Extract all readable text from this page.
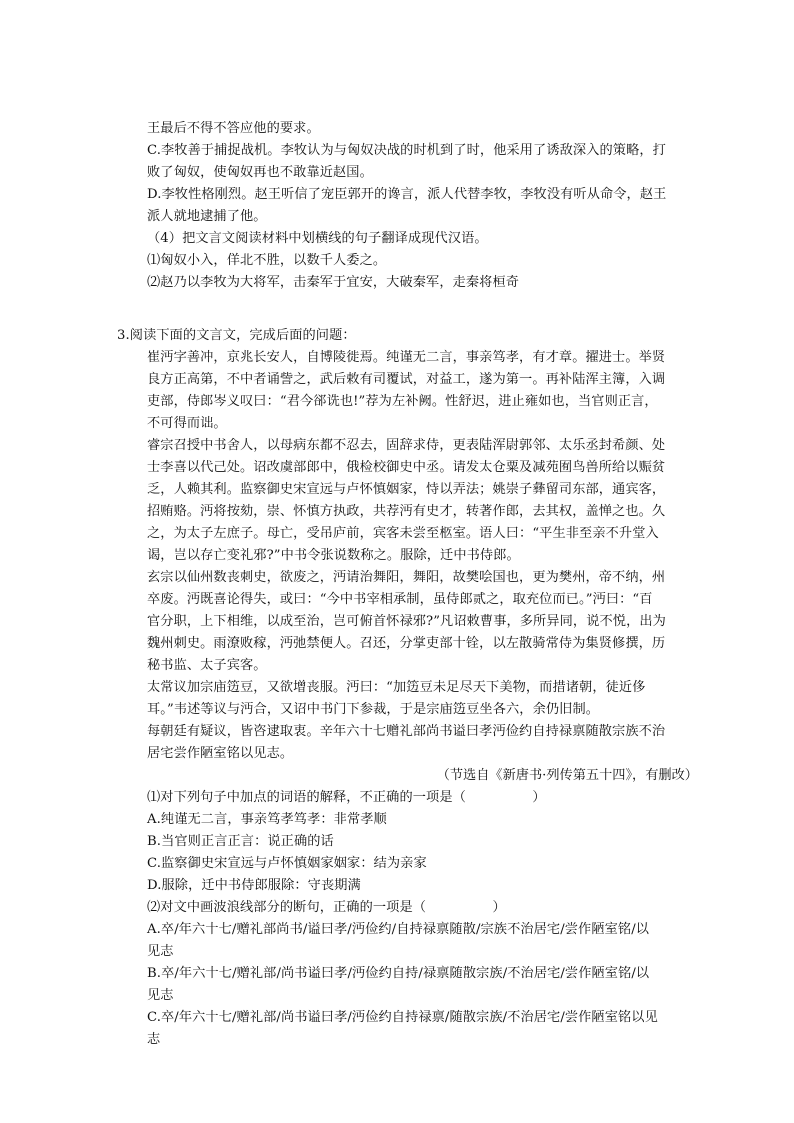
王最后不得不答应他的要求。
C.李牧善于捕捉战机。李牧认为与匈奴决战的时机到了时，他采用了诱敌深入的策略，打
败了匈奴，使匈奴再也不敢靠近赵国。
D.李牧性格刚烈。赵王听信了宠臣郭开的谗言，派人代替李牧，李牧没有听从命令，赵王
派人就地逮捕了他。
（4）把文言文阅读材料中划横线的句子翻译成现代汉语。
⑴匈奴小入，佯北不胜，以数千人委之。
⑵赵乃以李牧为大将军，击秦军于宜安，大破秦军，走秦将桓奇
3.阅读下面的文言文，完成后面的问题：
崔沔字善冲，京兆长安人，自博陵徙焉。纯谨无二言，事亲笃孝，有才章。擢进士。举贤
良方正高第，不中者诵訾之，武后敕有司覆试，对益工，遂为第一。再补陆浑主簿，入调
吏部，侍郎岑义叹曰：“君今郤诜也!”荐为左补阙。性舒迟，进止雍如也，当官则正言，
不可得而诎。
睿宗召授中书舍人，以母病东都不忍去，固辞求侍，更表陆浑尉郭邻、太乐丞封希颜、处
士李喜以代己处。诏改虞部郎中，俄检校御史中丞。请发太仓粟及减苑囿鸟兽所给以赈贫
乏，人赖其利。监察御史宋宣远与卢怀慎姻家，恃以弄法；姚崇子彝留司东部，通宾客，
招贿赂。沔将按劾，崇、怀慎方执政，共荐沔有史才，转著作郎，去其权，盖惮之也。久
之，为太子左庶子。母亡，受吊庐前，宾客未尝至柩室。语人曰：“平生非至亲不升堂入
谒，岂以存亡变礼邪?”中书令张说数称之。服除，迁中书侍郎。
玄宗以仙州数丧刺史，欲废之，沔请治舞阳，舞阳，故樊哙国也，更为樊州，帝不纳，州
卒废。沔既喜论得失，或曰：“今中书宰相承制，虽侍郎贰之，取充位而已。”沔曰：“百
官分职，上下相维，以成至治，岂可俯首怀禄邪?”凡诏敕曹事，多所异同，说不悦，出为
魏州刺史。雨潦败稼，沔弛禁便人。召还，分掌吏部十铨，以左散骑常侍为集贤修撰，历
秘书监、太子宾客。
太常议加宗庙笾豆，又欲增丧服。沔曰：“加笾豆未足尽天下美物，而措诸朝，徒近侈
耳。”韦述等议与沔合，又诏中书门下参裁，于是宗庙笾豆坐各六，余仍旧制。
每朝廷有疑议，皆咨逮取衷。辛年六十七赠礼部尚书谥曰孝沔俭约自持禄禀随散宗族不治
居宅尝作陋室铭以见志。
（节选自《新唐书·列传第五十四》，有删改）
⑴对下列句子中加点的词语的解释，不正确的一项是（　　　　　）
A.纯谨无二言，事亲笃孝笃孝：非常孝顺
B.当官则正言正言：说正确的话
C.监察御史宋宣远与卢怀慎姻家姻家：结为亲家
D.服除，迁中书侍郎服除：守丧期满
⑵对文中画波浪线部分的断句，正确的一项是（　　　　　）
A.卒/年六十七/赠礼部尚书/谥曰孝/沔俭约/自持禄禀随散/宗族不治居宅/尝作陋室铭/以
见志
B.卒/年六十七/赠礼部/尚书谥曰孝/沔俭约自持/禄禀随散宗族/不治居宅/尝作陋室铭/以
见志
C.卒/年六十七/赠礼部/尚书谥曰孝/沔俭约自持禄禀/随散宗族/不治居宅/尝作陋室铭以见
志
